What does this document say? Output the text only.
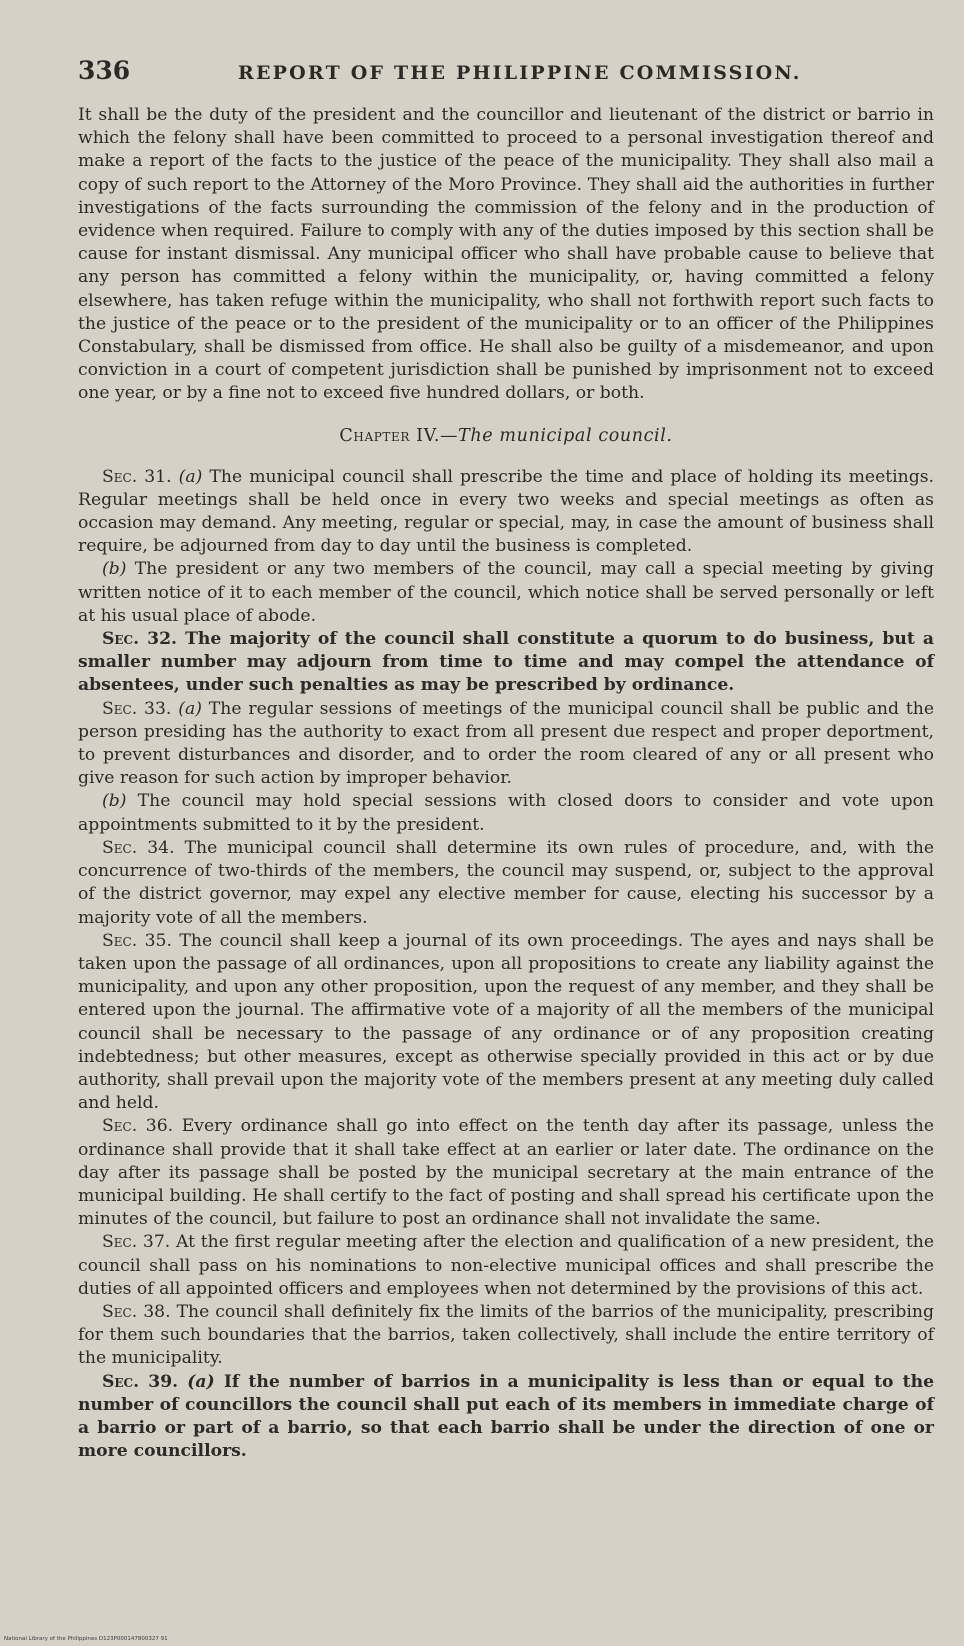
336	REPORT OF THE PHILIPPINE COMMISSION.

It shall be the duty of the president and the councillor and lieutenant of the district or barrio in which the felony shall have been committed to proceed to a personal investigation thereof and make a report of the facts to the justice of the peace of the municipality. They shall also mail a copy of such report to the Attorney of the Moro Province. They shall aid the authorities in further investigations of the facts surrounding the commission of the felony and in the production of evidence when required. Failure to comply with any of the duties imposed by this section shall be cause for instant dismissal. Any municipal officer who shall have probable cause to believe that any person has committed a felony within the municipality, or, having committed a felony elsewhere, has taken refuge within the municipality, who shall not forthwith report such facts to the justice of the peace or to the president of the municipality or to an officer of the Philippines Constabulary, shall be dismissed from office. He shall also be guilty of a misdemeanor, and upon conviction in a court of competent jurisdiction shall be punished by imprisonment not to exceed one year, or by a fine not to exceed five hundred dollars, or both.

Chapter IV.—The municipal council.

Sec. 31. (a) The municipal council shall prescribe the time and place of holding its meetings. Regular meetings shall be held once in every two weeks and special meetings as often as occasion may demand. Any meeting, regular or special, may, in case the amount of business shall require, be adjourned from day to day until the business is completed.

(b) The president or any two members of the council, may call a special meeting by giving written notice of it to each member of the council, which notice shall be served personally or left at his usual place of abode.

Sec. 32. The majority of the council shall constitute a quorum to do business, but a smaller number may adjourn from time to time and may compel the attendance of absentees, under such penalties as may be prescribed by ordinance.

Sec. 33. (a) The regular sessions of meetings of the municipal council shall be public and the person presiding has the authority to exact from all present due respect and proper deportment, to prevent disturbances and disorder, and to order the room cleared of any or all present who give reason for such action by improper behavior.

(b) The council may hold special sessions with closed doors to consider and vote upon appointments submitted to it by the president.

Sec. 34. The municipal council shall determine its own rules of procedure, and, with the concurrence of two-thirds of the members, the council may suspend, or, subject to the approval of the district governor, may expel any elective member for cause, electing his successor by a majority vote of all the members.

Sec. 35. The council shall keep a journal of its own proceedings. The ayes and nays shall be taken upon the passage of all ordinances, upon all propositions to create any liability against the municipality, and upon any other proposition, upon the request of any member, and they shall be entered upon the journal. The affirmative vote of a majority of all the members of the municipal council shall be necessary to the passage of any ordinance or of any proposition creating indebtedness; but other measures, except as otherwise specially provided in this act or by due authority, shall prevail upon the majority vote of the members present at any meeting duly called and held.

Sec. 36. Every ordinance shall go into effect on the tenth day after its passage, unless the ordinance shall provide that it shall take effect at an earlier or later date. The ordinance on the day after its passage shall be posted by the municipal secretary at the main entrance of the municipal building. He shall certify to the fact of posting and shall spread his certificate upon the minutes of the council, but failure to post an ordinance shall not invalidate the same.

Sec. 37. At the first regular meeting after the election and qualification of a new president, the council shall pass on his nominations to non-elective municipal offices and shall prescribe the duties of all appointed officers and employees when not determined by the provisions of this act.

Sec. 38. The council shall definitely fix the limits of the barrios of the municipality, prescribing for them such boundaries that the barrios, taken collectively, shall include the entire territory of the municipality.

Sec. 39. (a) If the number of barrios in a municipality is less than or equal to the number of councillors the council shall put each of its members in immediate charge of a barrio or part of a barrio, so that each barrio shall be under the direction of one or more councillors.

National Library of the Philippines D123P000147800327 91
